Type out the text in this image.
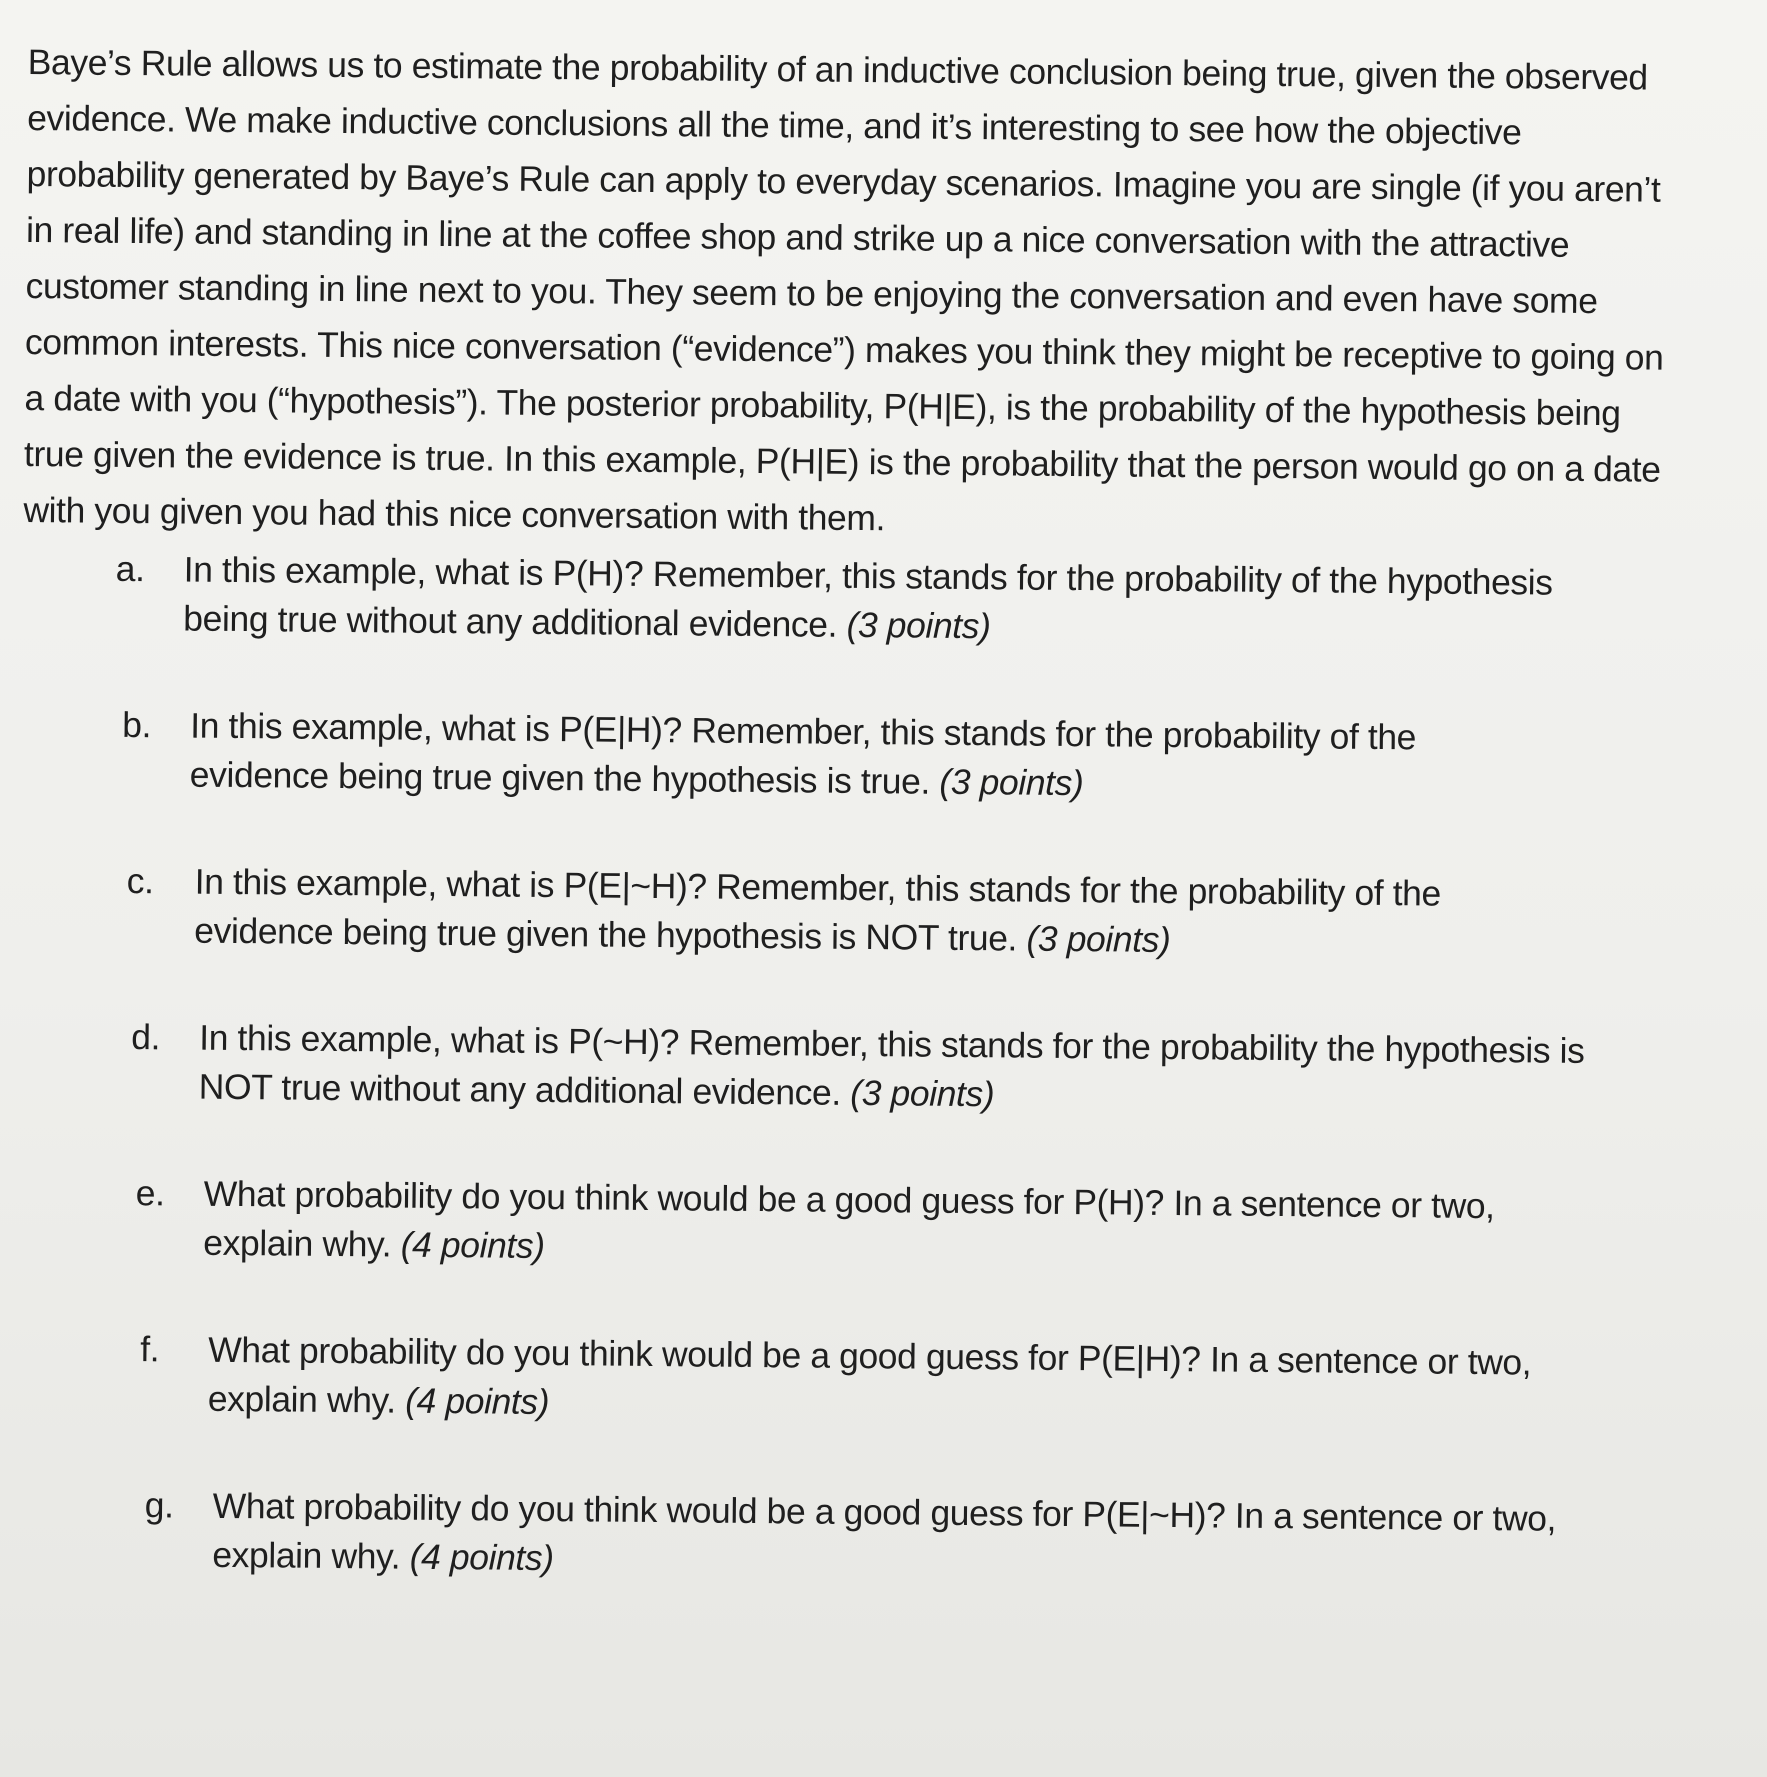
Baye’s Rule allows us to estimate the probability of an inductive conclusion being true, given the observed evidence. We make inductive conclusions all the time, and it’s interesting to see how the objective probability generated by Baye’s Rule can apply to everyday scenarios. Imagine you are single (if you aren’t in real life) and standing in line at the coffee shop and strike up a nice conversation with the attractive customer standing in line next to you. They seem to be enjoying the conversation and even have some common interests. This nice conversation (“evidence”) makes you think they might be receptive to going on a date with you (“hypothesis”). The posterior probability, P(H|E), is the probability of the hypothesis being true given the evidence is true. In this example, P(H|E) is the probability that the person would go on a date with you given you had this nice conversation with them.

a.	In this example, what is P(H)? Remember, this stands for the probability of the hypothesis being true without any additional evidence. (3 points)
b.	In this example, what is P(E|H)? Remember, this stands for the probability of the evidence being true given the hypothesis is true. (3 points)
c.	In this example, what is P(E|~H)? Remember, this stands for the probability of the evidence being true given the hypothesis is NOT true. (3 points)
d.	In this example, what is P(~H)? Remember, this stands for the probability the hypothesis is NOT true without any additional evidence. (3 points)
e.	What probability do you think would be a good guess for P(H)? In a sentence or two, explain why. (4 points)
f.	What probability do you think would be a good guess for P(E|H)? In a sentence or two, explain why. (4 points)
g.	What probability do you think would be a good guess for P(E|~H)? In a sentence or two, explain why. (4 points)
